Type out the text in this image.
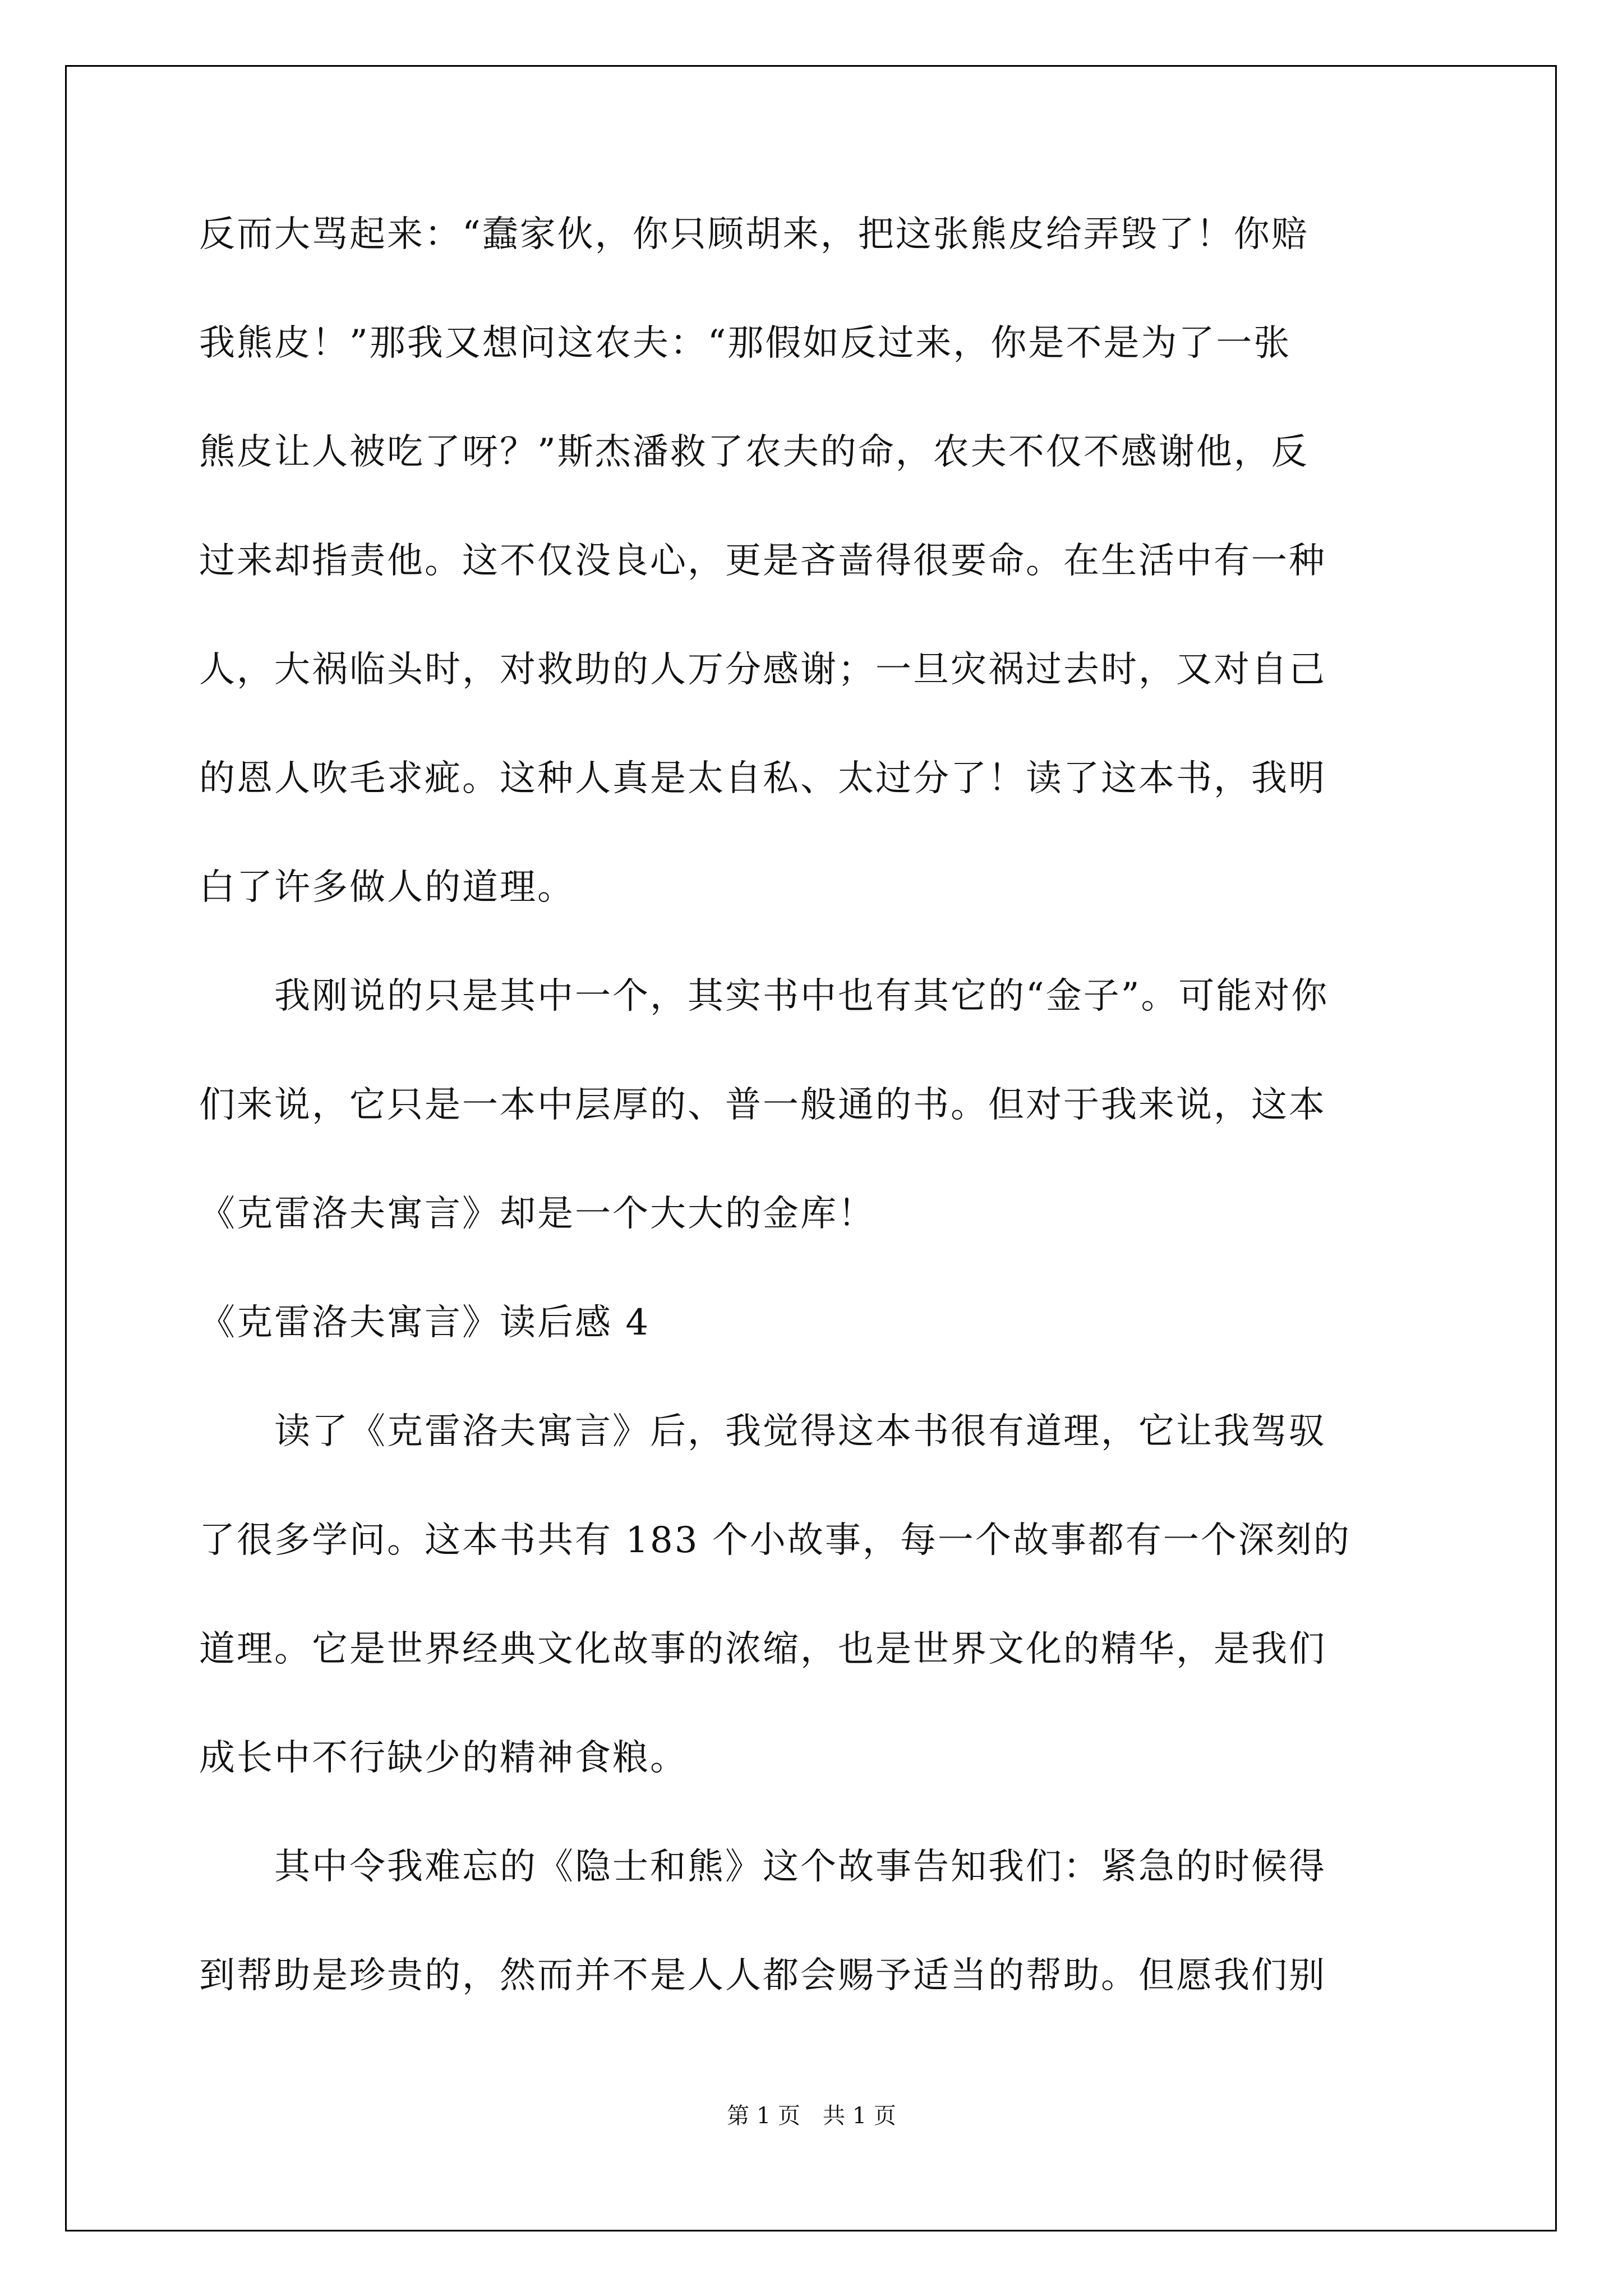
反而大骂起来：“蠢家伙，你只顾胡来，把这张熊皮给弄毁了！你赔

我熊皮！”那我又想问这农夫：“那假如反过来，你是不是为了一张

熊皮让人被吃了呀？”斯杰潘救了农夫的命，农夫不仅不感谢他，反

过来却指责他。这不仅没良心，更是吝啬得很要命。在生活中有一种

人，大祸临头时，对救助的人万分感谢；一旦灾祸过去时，又对自己

的恩人吹毛求疵。这种人真是太自私、太过分了！读了这本书，我明

白了许多做人的道理。

　　我刚说的只是其中一个，其实书中也有其它的“金子”。可能对你

们来说，它只是一本中层厚的、普一般通的书。但对于我来说，这本

《克雷洛夫寓言》却是一个大大的金库！

《克雷洛夫寓言》读后感 4

　　读了《克雷洛夫寓言》后，我觉得这本书很有道理，它让我驾驭

了很多学问。这本书共有 183 个小故事，每一个故事都有一个深刻的

道理。它是世界经典文化故事的浓缩，也是世界文化的精华，是我们

成长中不行缺少的精神食粮。

　　其中令我难忘的《隐士和熊》这个故事告知我们：紧急的时候得

到帮助是珍贵的，然而并不是人人都会赐予适当的帮助。但愿我们别

第 1 页　共 1 页
